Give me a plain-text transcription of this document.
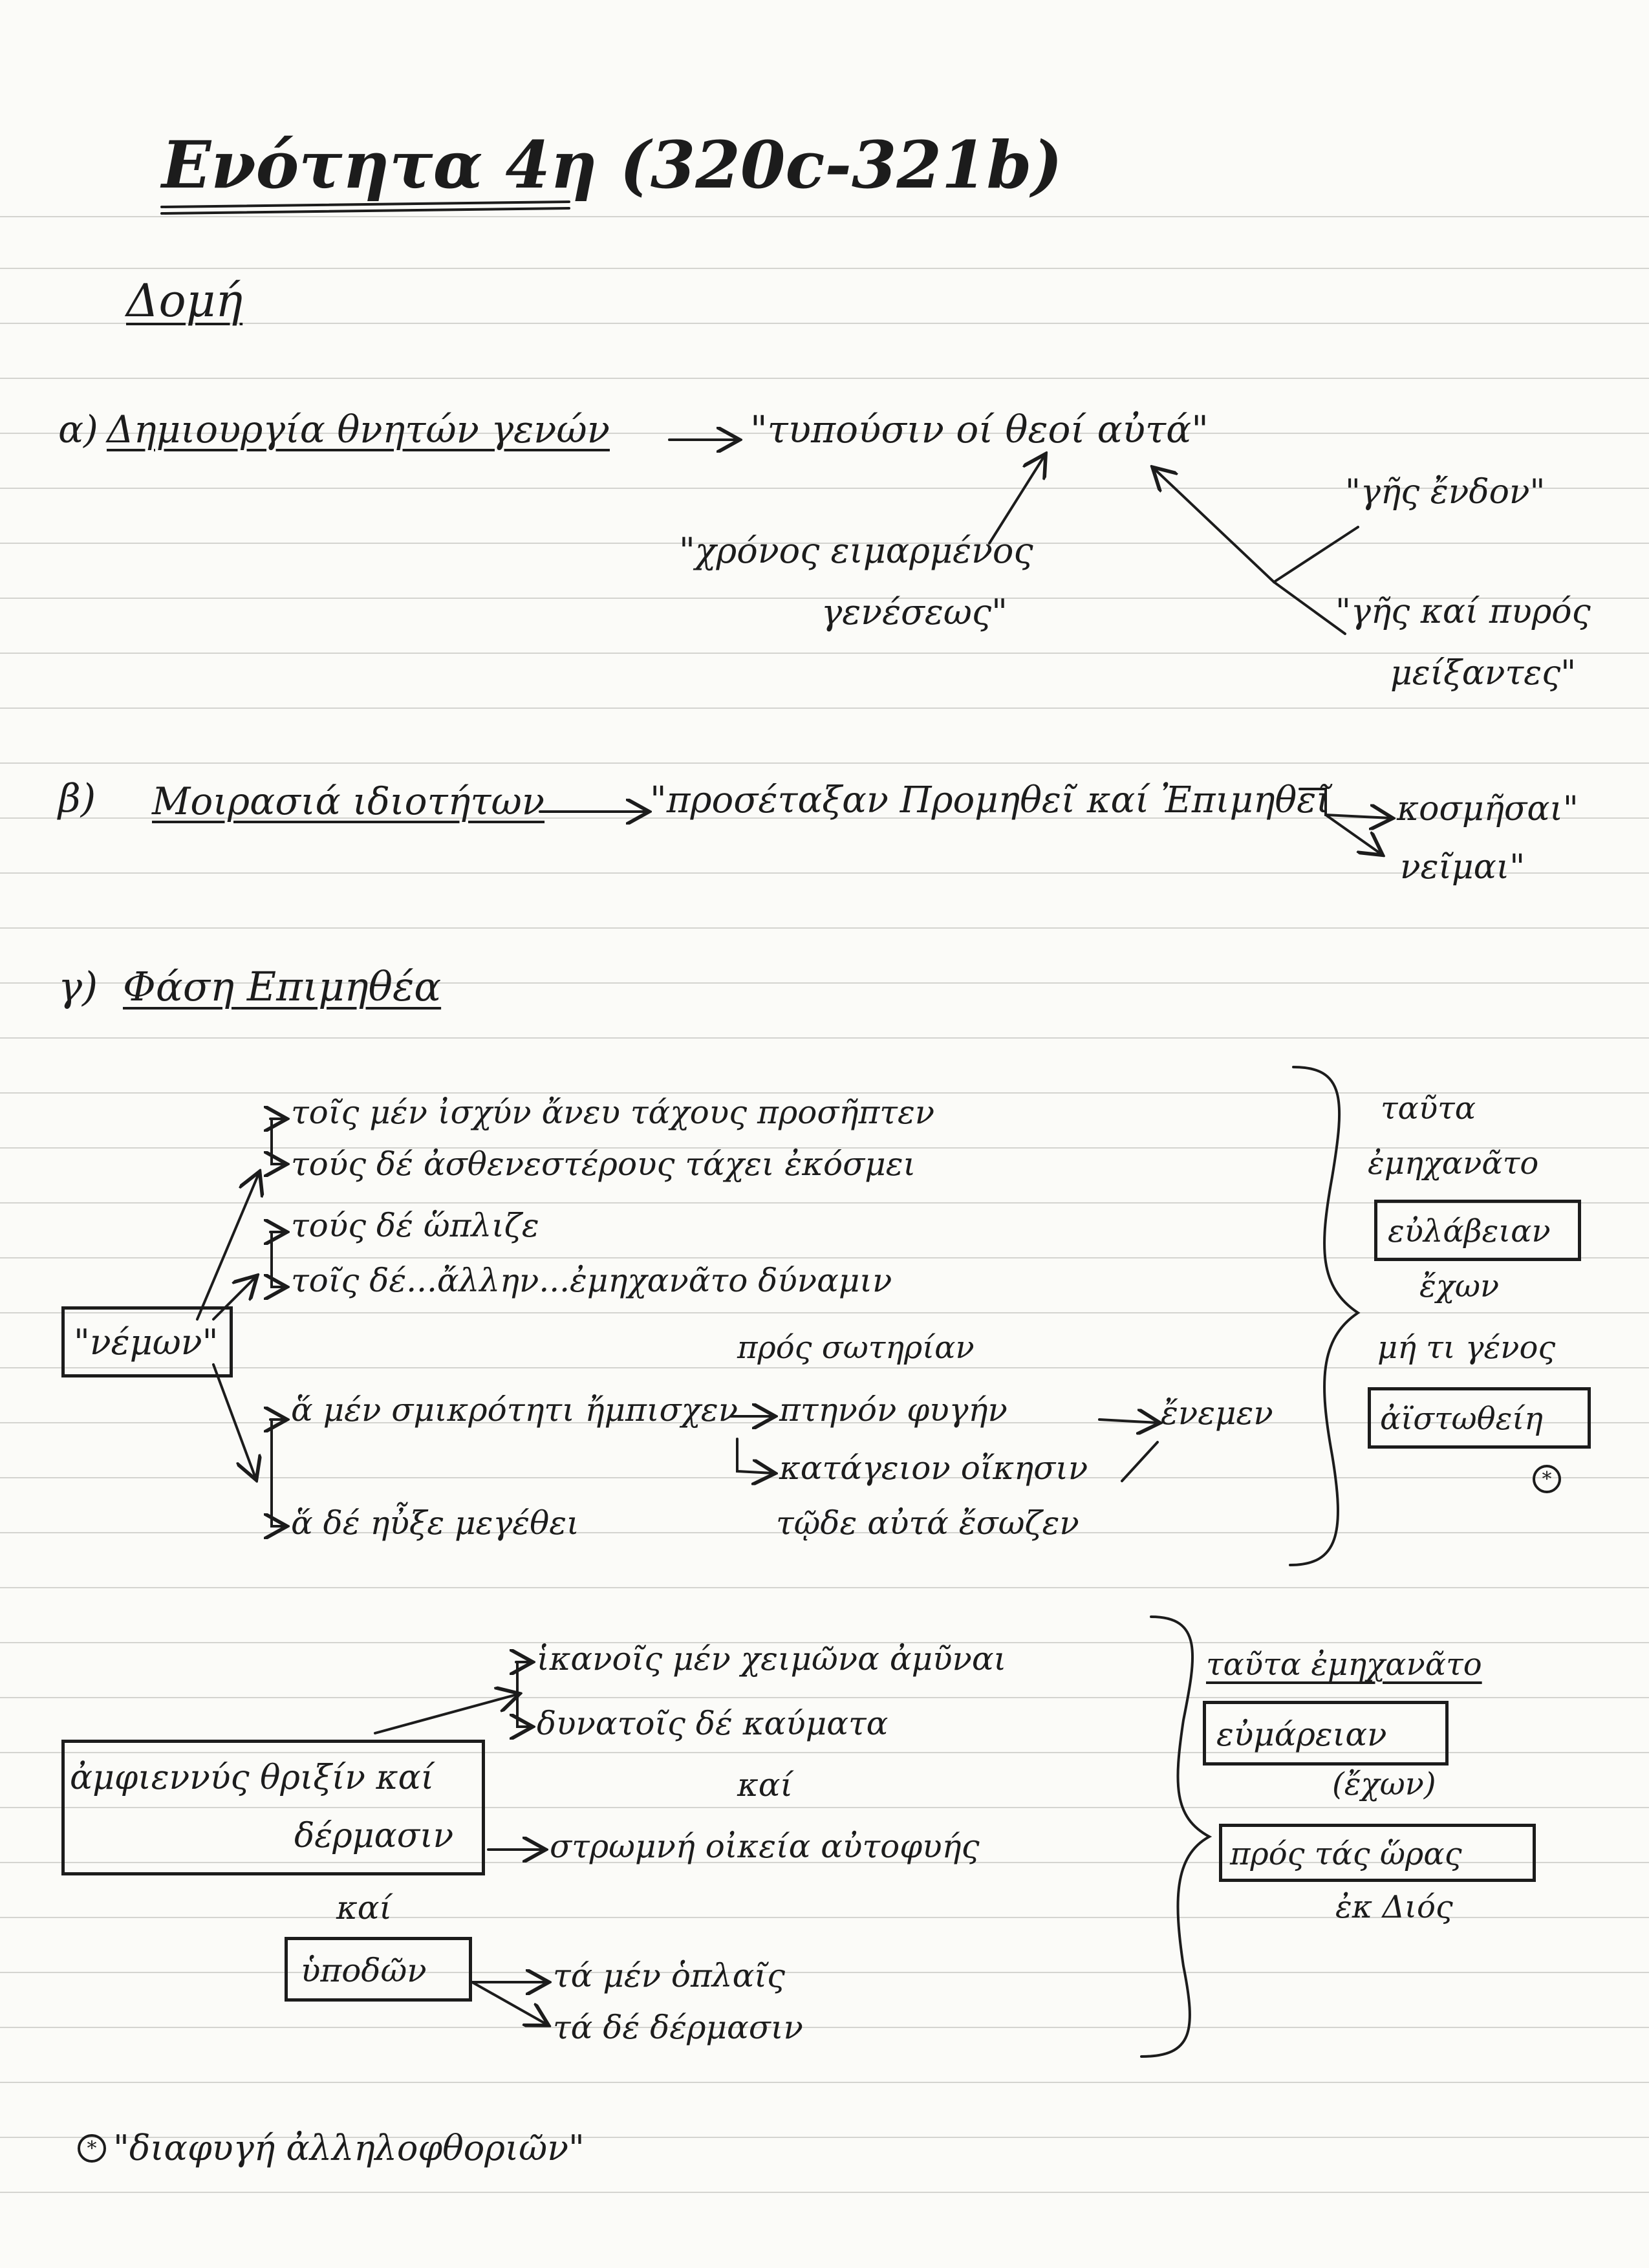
Ενότητα 4η (320c-321b)
Δομή
α) Δημιουργία θνητών γενών	"τυπούσιν οί θεοί αὐτά"
"χρόνος ειμαρμένος
γενέσεως"
"γῆς ἔνδον"
"γῆς καί πυρός
μείξαντες"
β) Μοιρασιά ιδιοτήτων	"προσέταξαν Προμηθεῖ καί Ἐπιμηθεῖ κοσμῆσαι"
νεῖμαι"
γ) Φάση Επιμηθέα
"νέμων"
τοῖς μέν ἰσχύν ἄνευ τάχους προσῆπτεν
τούς δέ ἀσθενεστέρους τάχει ἐκόσμει
τούς δέ ὥπλιζε
τοῖς δέ...ἄλλην...ἐμηχανᾶτο δύναμιν
πρός σωτηρίαν
ἅ μέν σμικρότητι ἤμπισχεν πτηνόν φυγήν	ἔνεμεν
κατάγειον οἴκησιν
ἅ δέ ηὖξε μεγέθει	τῷδε αὐτά ἔσωζεν
ταῦτα
ἐμηχανᾶτο
εὐλάβειαν
ἔχων
μή τι γένος
ἀϊστωθείη
*
ἀμφιεννύς θριξίν καί
δέρμασιν
καί
ὑποδῶν
ἱκανοῖς μέν χειμῶνα ἀμῦναι
δυνατοῖς δέ καύματα
καί
στρωμνή οἰκεία αὐτοφυής
τά μέν ὁπλαῖς
τά δέ δέρμασιν
ταῦτα ἐμηχανᾶτο
εὐμάρειαν
(ἔχων)
πρός τάς ὥρας
ἐκ Διός
* "διαφυγή ἀλληλοφθοριῶν"
